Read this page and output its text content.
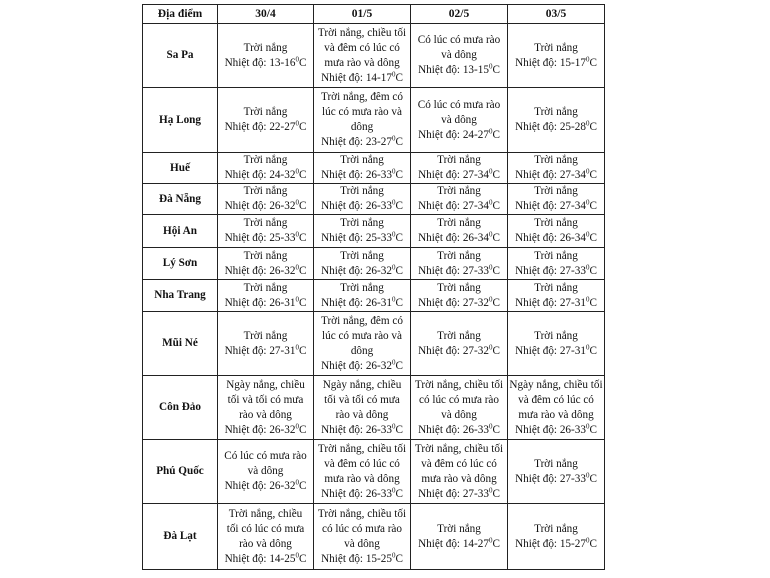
Địa điểm	30/4	01/5	02/5	03/5
Sa Pa	Trời nắng
Nhiệt độ: $13-16^0C$	Trời nắng, chiều tối
và đêm có lúc có
mưa rào và dông
Nhiệt độ: $14-17^0C$	Có lúc có mưa rào
và dông
Nhiệt độ: $13-15^0C$	Trời nắng
Nhiệt độ: $15-17^0C$

Hạ Long	Trời nắng
Nhiệt độ: $22-27^0C$	Trời nắng, đêm có
lúc có mưa rào và
dông
Nhiệt độ: $23-27^0C$	Có lúc có mưa rào
và dông
Nhiệt độ: $24-27^0C$	Trời nắng
Nhiệt độ: $25-28^0C$

Huế	Trời nắng
Nhiệt độ: $24-32^0C$	Trời nắng
Nhiệt độ: $26-33^0C$	Trời nắng
Nhiệt độ: $27-34^0C$	Trời nắng
Nhiệt độ: $27-34^0C$

Đà Nẵng	Trời nắng
Nhiệt độ: $26-32^0C$	Trời nắng
Nhiệt độ: $26-33^0C$	Trời nắng
Nhiệt độ: $27-34^0C$	Trời nắng
Nhiệt độ: $27-34^0C$

Hội An	Trời nắng
Nhiệt độ: $25-33^0C$	Trời nắng
Nhiệt độ: $25-33^0C$	Trời nắng
Nhiệt độ: $26-34^0C$	Trời nắng
Nhiệt độ: $26-34^0C$

Lý Sơn	Trời nắng
Nhiệt độ: $26-32^0C$	Trời nắng
Nhiệt độ: $26-32^0C$	Trời nắng
Nhiệt độ: $27-33^0C$	Trời nắng
Nhiệt độ: $27-33^0C$

Nha Trang	Trời nắng
Nhiệt độ: $26-31^0C$	Trời nắng
Nhiệt độ: $26-31^0C$	Trời nắng
Nhiệt độ: $27-32^0C$	Trời nắng
Nhiệt độ: $27-31^0C$

Mũi Né	Trời nắng
Nhiệt độ: $27-31^0C$	Trời nắng, đêm có
lúc có mưa rào và
dông
Nhiệt độ: $26-32^0C$	Trời nắng
Nhiệt độ: $27-32^0C$	Trời nắng
Nhiệt độ: $27-31^0C$

Côn Đảo	Ngày nắng, chiều
tối và tối có mưa
rào và dông
Nhiệt độ: $26-32^0C$	Ngày nắng, chiều
tối và tối có mưa
rào và dông
Nhiệt độ: $26-33^0C$	Trời nắng, chiều tối
có lúc có mưa rào
và dông
Nhiệt độ: $26-33^0C$	Ngày nắng, chiều tối
và đêm có lúc có
mưa rào và dông
Nhiệt độ: $26-33^0C$

Phú Quốc	Có lúc có mưa rào
và dông
Nhiệt độ: $26-32^0C$	Trời nắng, chiều tối
và đêm có lúc có
mưa rào và dông
Nhiệt độ: $26-33^0C$	Trời nắng, chiều tối
và đêm có lúc có
mưa rào và dông
Nhiệt độ: $27-33^0C$	Trời nắng
Nhiệt độ: $27-33^0C$

Đà Lạt	Trời nắng, chiều
tối có lúc có mưa
rào và dông
Nhiệt độ: $14-25^0C$	Trời nắng, chiều tối
có lúc có mưa rào
và dông
Nhiệt độ: $15-25^0C$	Trời nắng
Nhiệt độ: $14-27^0C$	Trời nắng
Nhiệt độ: $15-27^0C$
